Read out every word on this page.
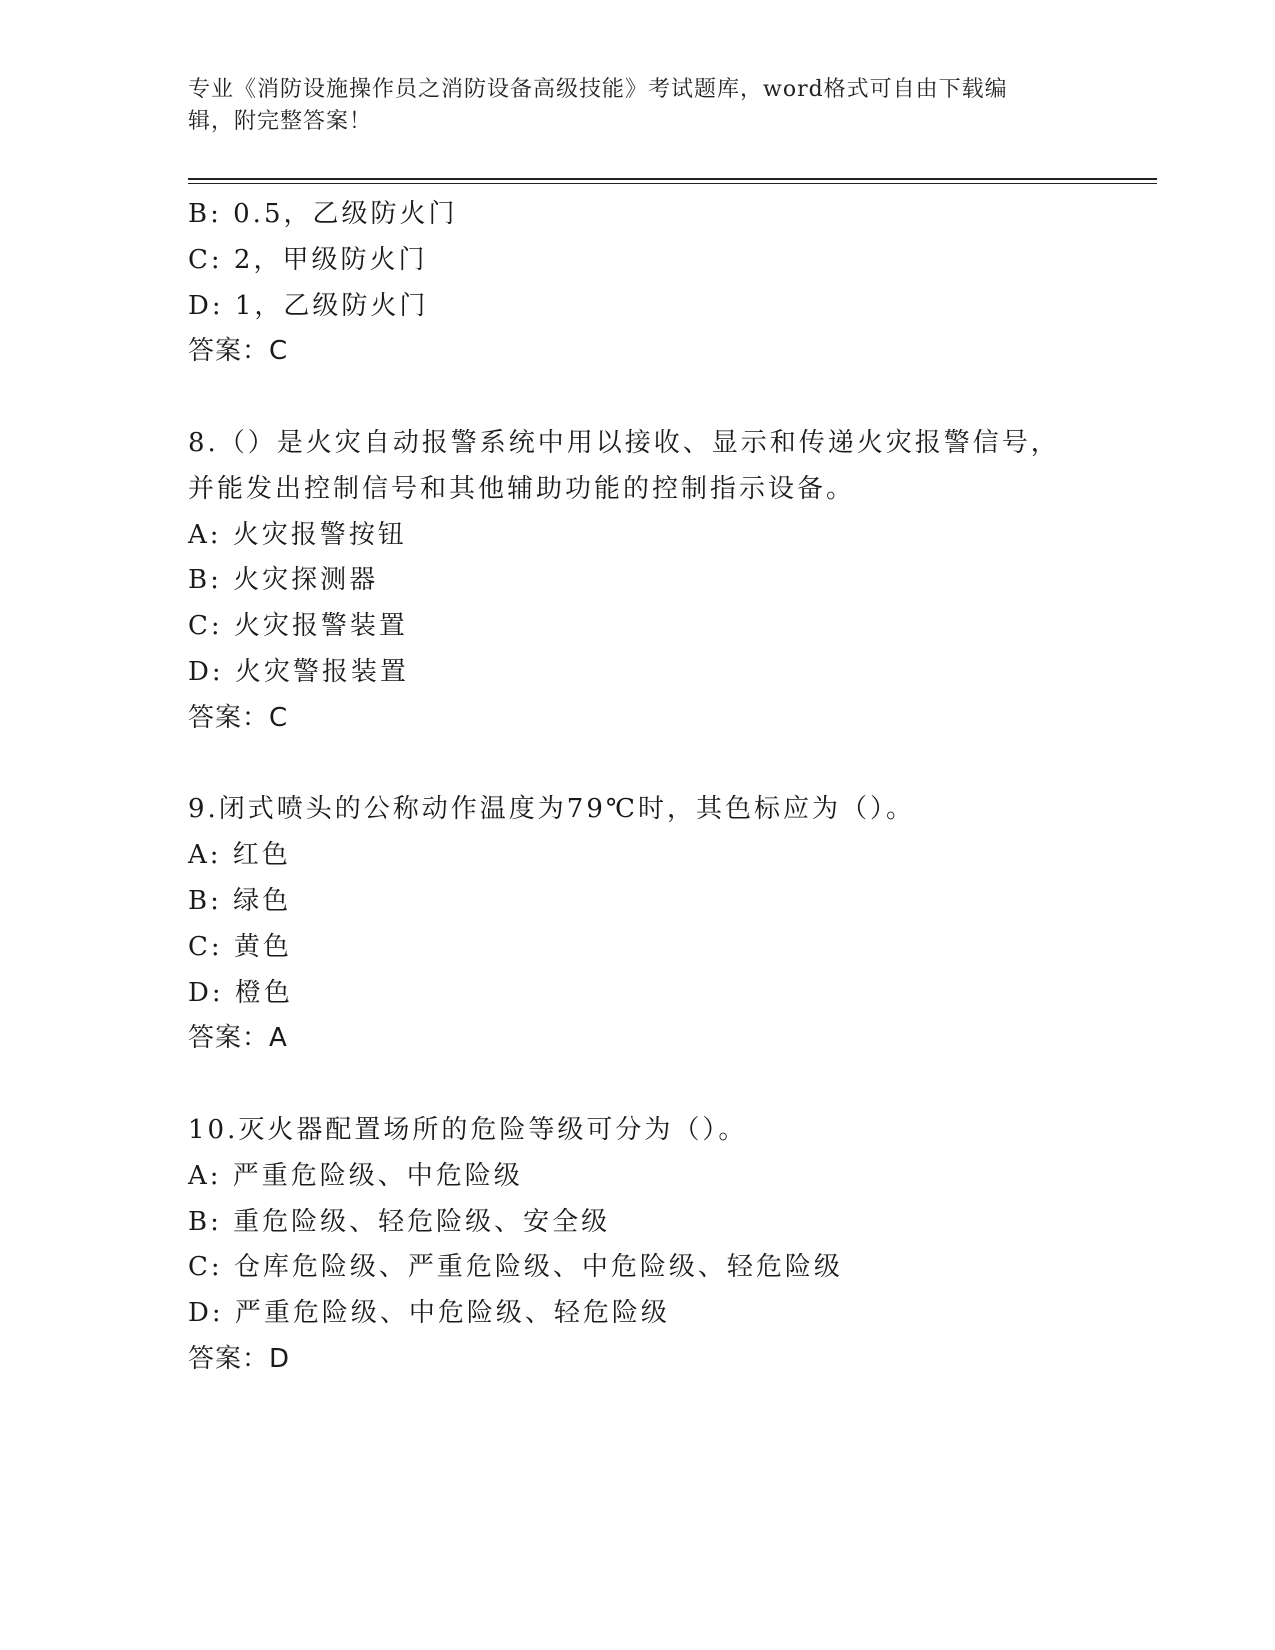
专业《消防设施操作员之消防设备高级技能》考试题库，word格式可自由下载编
辑，附完整答案！
B: 0.5，乙级防火门
C: 2，甲级防火门
D: 1，乙级防火门
答案：C
8.（）是火灾自动报警系统中用以接收、显示和传递火灾报警信号，
并能发出控制信号和其他辅助功能的控制指示设备。
A: 火灾报警按钮
B: 火灾探测器
C: 火灾报警装置
D: 火灾警报装置
答案：C
9.闭式喷头的公称动作温度为79℃时，其色标应为（）。
A: 红色
B: 绿色
C: 黄色
D: 橙色
答案：A
10.灭火器配置场所的危险等级可分为（）。
A: 严重危险级、中危险级
B: 重危险级、轻危险级、安全级
C: 仓库危险级、严重危险级、中危险级、轻危险级
D: 严重危险级、中危险级、轻危险级
答案：D
